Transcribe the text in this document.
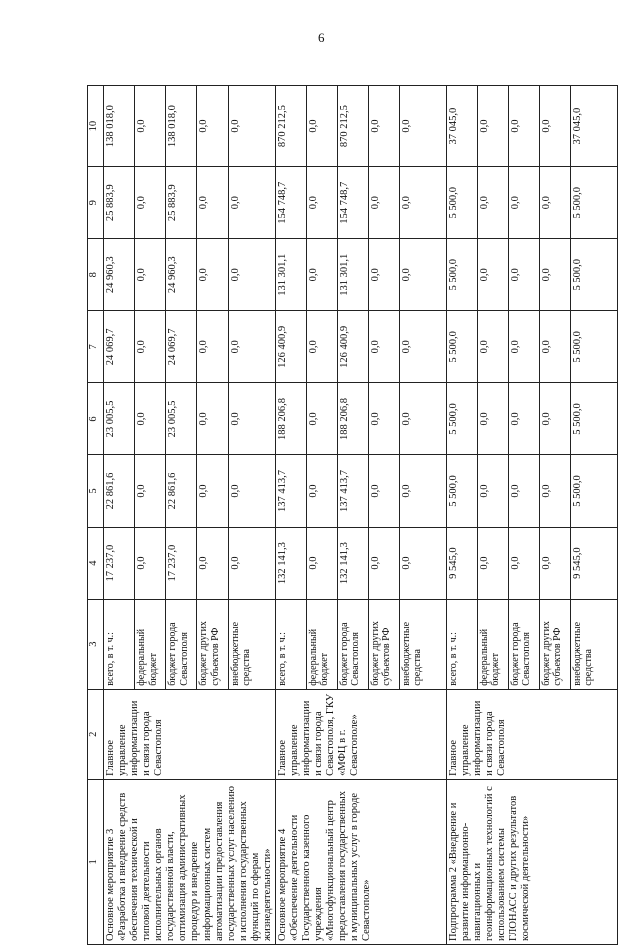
6
1	2	3	4	5	6	7	8	9	10
Основное мероприятие 3 «Разработка и внедрение средств обеспечения технической и типовой деятельности исполнительных органов государственной власти, оптимизация административных процедур и внедрение информационных систем автоматизации предоставления государственных услуг населению и исполнения государственных функций по сферам жизнедеятельности»	Главное управление информатизации и связи города Севастополя	всего, в т. ч.:	17 237,0	22 861,6	23 005,5	24 069,7	24 960,3	25 883,9	138 018,0
		федеральный бюджет	0,0	0,0	0,0	0,0	0,0	0,0	0,0
		бюджет города Севастополя	17 237,0	22 861,6	23 005,5	24 069,7	24 960,3	25 883,9	138 018,0
		бюджет других субъектов РФ	0,0	0,0	0,0	0,0	0,0	0,0	0,0
		внебюджетные средства	0,0	0,0	0,0	0,0	0,0	0,0	0,0
Основное мероприятие 4 «Обеспечение деятельности Государственного казенного учреждения «Многофункциональный центр предоставления государственных и муниципальных услуг в городе Севастополе»	Главное управление информатизации и связи города Севастополя, ГКУ «МФЦ в г. Севастополе»	всего, в т. ч.:	132 141,3	137 413,7	188 206,8	126 400,9	131 301,1	154 748,7	870 212,5
		федеральный бюджет	0,0	0,0	0,0	0,0	0,0	0,0	0,0
		бюджет города Севастополя	132 141,3	137 413,7	188 206,8	126 400,9	131 301,1	154 748,7	870 212,5
		бюджет других субъектов РФ	0,0	0,0	0,0	0,0	0,0	0,0	0,0
		внебюджетные средства	0,0	0,0	0,0	0,0	0,0	0,0	0,0
Подпрограмма 2 «Внедрение и развитие информационно-навигационных и геоинформационных технологий с использованием системы ГЛОНАСС и других результатов космической деятельности»	Главное управление информатизации и связи города Севастополя	всего, в т. ч.:	9 545,0	5 500,0	5 500,0	5 500,0	5 500,0	5 500,0	37 045,0
		федеральный бюджет	0,0	0,0	0,0	0,0	0,0	0,0	0,0
		бюджет города Севастополя	0,0	0,0	0,0	0,0	0,0	0,0	0,0
		бюджет других субъектов РФ	0,0	0,0	0,0	0,0	0,0	0,0	0,0
		внебюджетные средства	9 545,0	5 500,0	5 500,0	5 500,0	5 500,0	5 500,0	37 045,0
